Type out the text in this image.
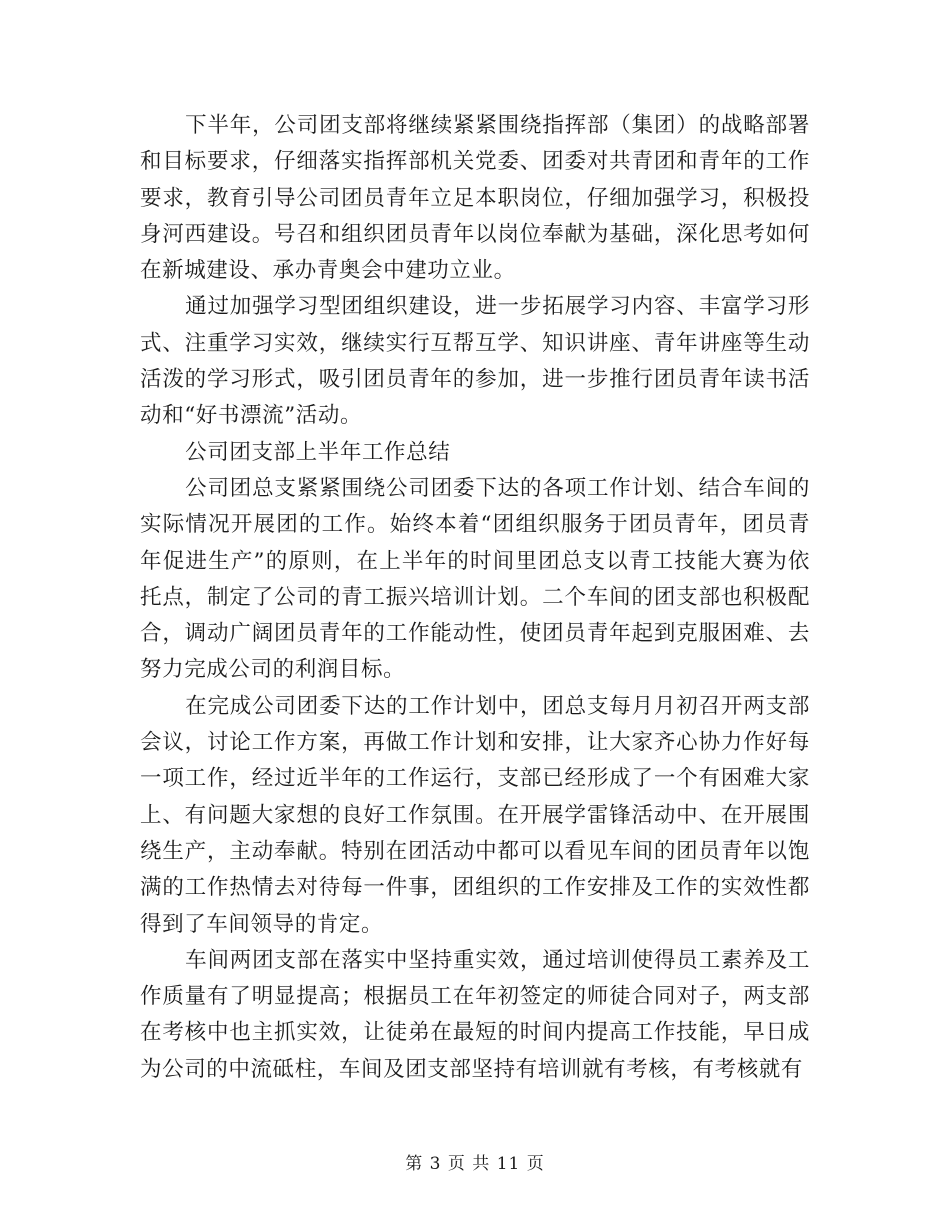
下半年，公司团支部将继续紧紧围绕指挥部（集团）的战略部署和目标要求，仔细落实指挥部机关党委、团委对共青团和青年的工作要求，教育引导公司团员青年立足本职岗位，仔细加强学习，积极投身河西建设。号召和组织团员青年以岗位奉献为基础，深化思考如何在新城建设、承办青奥会中建功立业。

通过加强学习型团组织建设，进一步拓展学习内容、丰富学习形式、注重学习实效，继续实行互帮互学、知识讲座、青年讲座等生动活泼的学习形式，吸引团员青年的参加，进一步推行团员青年读书活动和“好书漂流”活动。

公司团支部上半年工作总结

公司团总支紧紧围绕公司团委下达的各项工作计划、结合车间的实际情况开展团的工作。始终本着“团组织服务于团员青年，团员青年促进生产”的原则，在上半年的时间里团总支以青工技能大赛为依托点，制定了公司的青工振兴培训计划。二个车间的团支部也积极配合，调动广阔团员青年的工作能动性，使团员青年起到克服困难、去努力完成公司的利润目标。

在完成公司团委下达的工作计划中，团总支每月月初召开两支部会议，讨论工作方案，再做工作计划和安排，让大家齐心协力作好每一项工作，经过近半年的工作运行，支部已经形成了一个有困难大家上、有问题大家想的良好工作氛围。在开展学雷锋活动中、在开展围绕生产，主动奉献。特别在团活动中都可以看见车间的团员青年以饱满的工作热情去对待每一件事，团组织的工作安排及工作的实效性都得到了车间领导的肯定。

车间两团支部在落实中坚持重实效，通过培训使得员工素养及工作质量有了明显提高；根据员工在年初签定的师徒合同对子，两支部在考核中也主抓实效，让徒弟在最短的时间内提高工作技能，早日成为公司的中流砥柱，车间及团支部坚持有培训就有考核，有考核就有

第 3 页 共 11 页
